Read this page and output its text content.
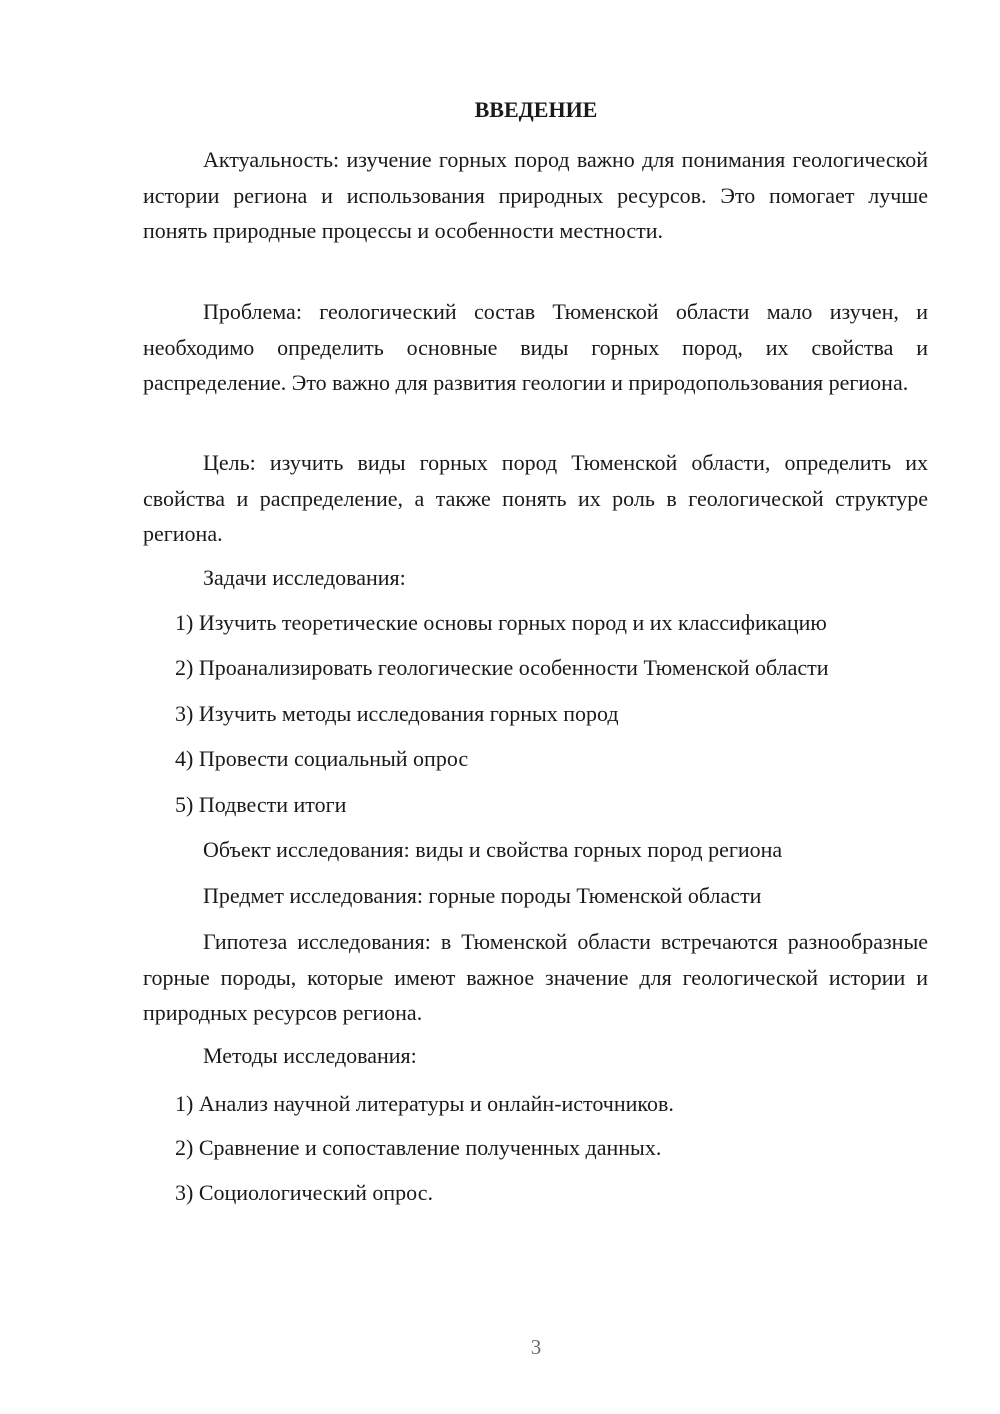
ВВЕДЕНИЕ

Актуальность: изучение горных пород важно для понимания геологической истории региона и использования природных ресурсов. Это помогает лучше понять природные процессы и особенности местности.

Проблема: геологический состав Тюменской области мало изучен, и необходимо определить основные виды горных пород, их свойства и распределение. Это важно для развития геологии и природопользования региона.

Цель: изучить виды горных пород Тюменской области, определить их свойства и распределение, а также понять их роль в геологической структуре региона.

Задачи исследования:

1) Изучить теоретические основы горных пород и их классификацию

2) Проанализировать геологические особенности Тюменской области

3) Изучить методы исследования горных пород

4) Провести социальный опрос

5) Подвести итоги

Объект исследования: виды и свойства горных пород региона

Предмет исследования: горные породы Тюменской области

Гипотеза исследования: в Тюменской области встречаются разнообразные горные породы, которые имеют важное значение для геологической истории и природных ресурсов региона.

Методы исследования:

1) Анализ научной литературы и онлайн-источников.

2) Сравнение и сопоставление полученных данных.

3) Социологический опрос.

3
